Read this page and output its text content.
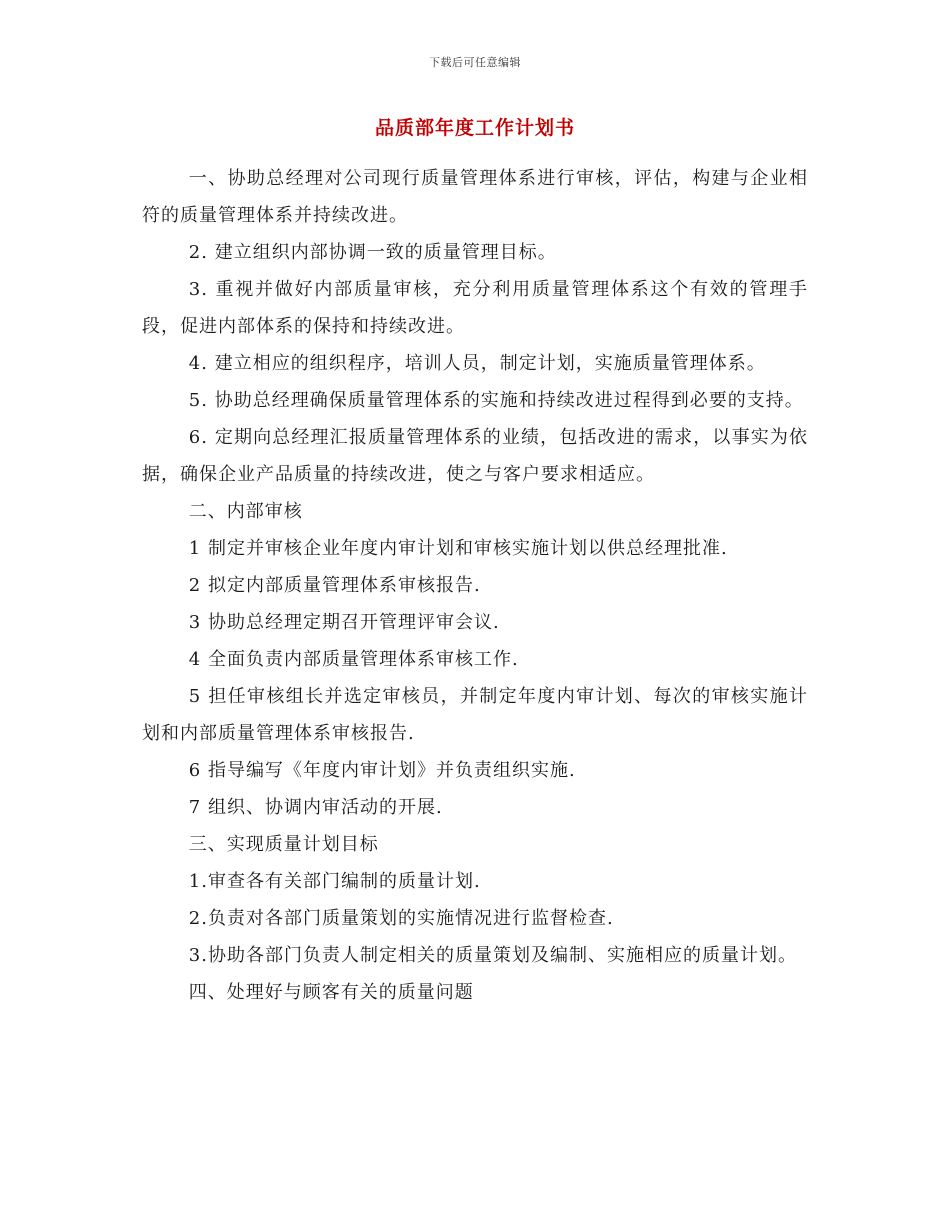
下载后可任意编辑
品质部年度工作计划书

一、协助总经理对公司现行质量管理体系进行审核，评估，构建与企业相符的质量管理体系并持续改进。

2. 建立组织内部协调一致的质量管理目标。

3. 重视并做好内部质量审核，充分利用质量管理体系这个有效的管理手段，促进内部体系的保持和持续改进。

4. 建立相应的组织程序，培训人员，制定计划，实施质量管理体系。

5. 协助总经理确保质量管理体系的实施和持续改进过程得到必要的支持。

6. 定期向总经理汇报质量管理体系的业绩，包括改进的需求，以事实为依据，确保企业产品质量的持续改进，使之与客户要求相适应。

二、内部审核

1 制定并审核企业年度内审计划和审核实施计划以供总经理批准.

2 拟定内部质量管理体系审核报告.

3 协助总经理定期召开管理评审会议.

4 全面负责内部质量管理体系审核工作.

5 担任审核组长并选定审核员，并制定年度内审计划、每次的审核实施计划和内部质量管理体系审核报告.

6 指导编写《年度内审计划》并负责组织实施.

7 组织、协调内审活动的开展.

三、实现质量计划目标

1.审查各有关部门编制的质量计划.

2.负责对各部门质量策划的实施情况进行监督检查.

3.协助各部门负责人制定相关的质量策划及编制、实施相应的质量计划。

四、处理好与顾客有关的质量问题
